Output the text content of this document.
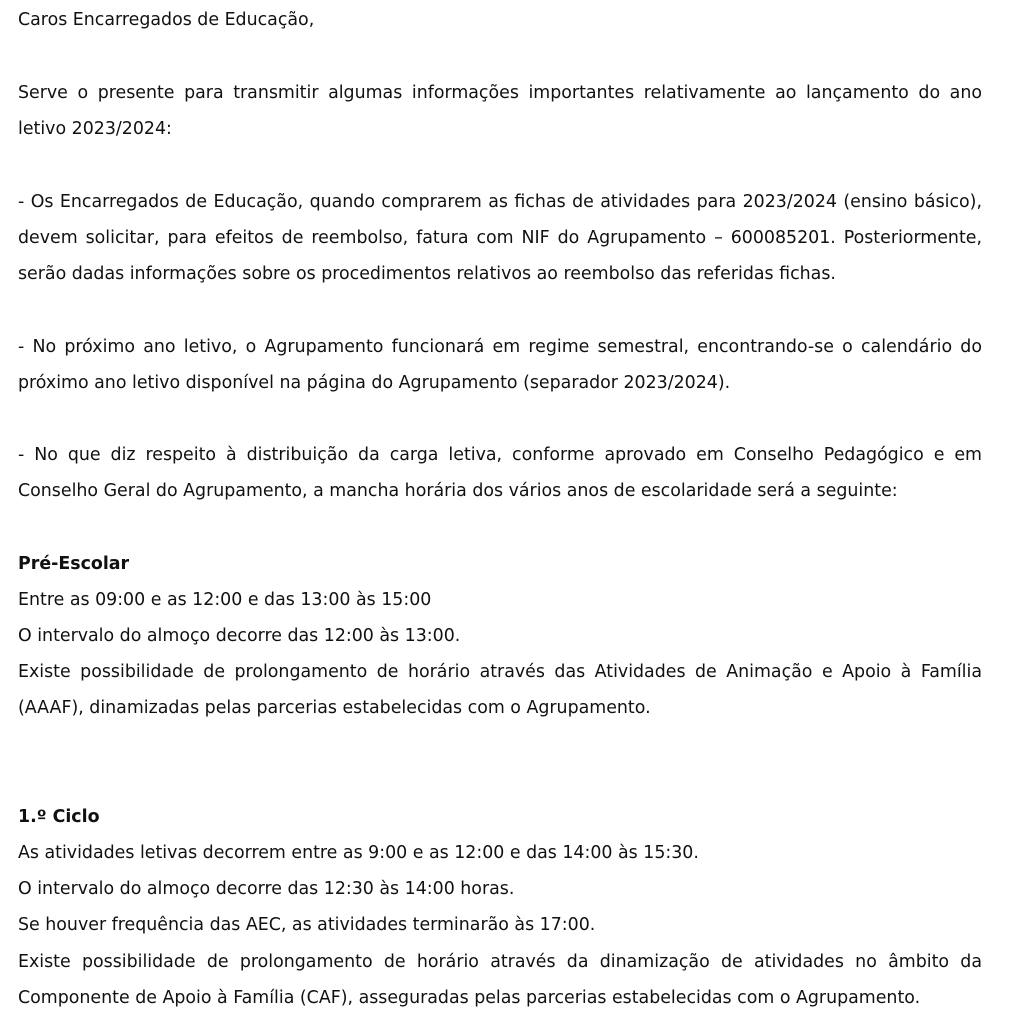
Caros Encarregados de Educação,
Serve o presente para transmitir algumas informações importantes relativamente ao lançamento do ano
letivo 2023/2024:
- Os Encarregados de Educação, quando comprarem as fichas de atividades para 2023/2024 (ensino básico),
devem solicitar, para efeitos de reembolso, fatura com NIF do Agrupamento – 600085201. Posteriormente,
serão dadas informações sobre os procedimentos relativos ao reembolso das referidas fichas.
- No próximo ano letivo, o Agrupamento funcionará em regime semestral, encontrando-se o calendário do
próximo ano letivo disponível na página do Agrupamento (separador 2023/2024).
- No que diz respeito à distribuição da carga letiva, conforme aprovado em Conselho Pedagógico e em
Conselho Geral do Agrupamento, a mancha horária dos vários anos de escolaridade será a seguinte:
Pré-Escolar
Entre as 09:00 e as 12:00 e das 13:00 às 15:00
O intervalo do almoço decorre das 12:00 às 13:00.
Existe possibilidade de prolongamento de horário através das Atividades de Animação e Apoio à Família
(AAAF), dinamizadas pelas parcerias estabelecidas com o Agrupamento.
1.º Ciclo
As atividades letivas decorrem entre as 9:00 e as 12:00 e das 14:00 às 15:30.
O intervalo do almoço decorre das 12:30 às 14:00 horas.
Se houver frequência das AEC, as atividades terminarão às 17:00.
Existe possibilidade de prolongamento de horário através da dinamização de atividades no âmbito da
Componente de Apoio à Família (CAF), asseguradas pelas parcerias estabelecidas com o Agrupamento.
